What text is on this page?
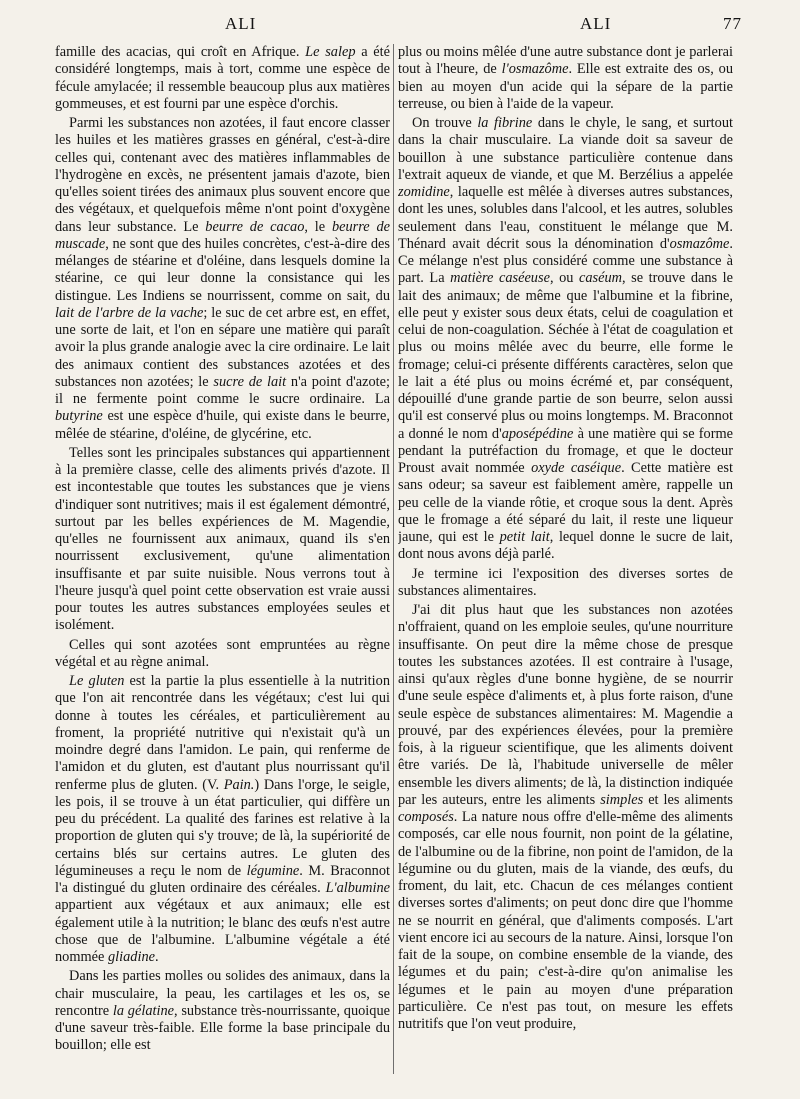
ALI	ALI	77

famille des acacias, qui croît en Afrique. Le salep a été considéré longtemps, mais à tort, comme une espèce de fécule amylacée; il ressemble beaucoup plus aux matières gommeuses, et est fourni par une espèce d'orchis.

Parmi les substances non azotées, il faut encore classer les huiles et les matières grasses en général, c'est-à-dire celles qui, contenant avec des matières inflammables de l'hydrogène en excès, ne présentent jamais d'azote, bien qu'elles soient tirées des animaux plus souvent encore que des végétaux, et quelquefois même n'ont point d'oxygène dans leur substance. Le beurre de cacao, le beurre de muscade, ne sont que des huiles concrètes, c'est-à-dire des mélanges de stéarine et d'oléine, dans lesquels domine la stéarine, ce qui leur donne la consistance qui les distingue. Les Indiens se nourrissent, comme on sait, du lait de l'arbre de la vache; le suc de cet arbre est, en effet, une sorte de lait, et l'on en sépare une matière qui paraît avoir la plus grande analogie avec la cire ordinaire. Le lait des animaux contient des substances azotées et des substances non azotées; le sucre de lait n'a point d'azote; il ne fermente point comme le sucre ordinaire. La butyrine est une espèce d'huile, qui existe dans le beurre, mêlée de stéarine, d'oléine, de glycérine, etc.

Telles sont les principales substances qui appartiennent à la première classe, celle des aliments privés d'azote. Il est incontestable que toutes les substances que je viens d'indiquer sont nutritives; mais il est également démontré, surtout par les belles expériences de M. Magendie, qu'elles ne fournissent aux animaux, quand ils s'en nourrissent exclusivement, qu'une alimentation insuffisante et par suite nuisible. Nous verrons tout à l'heure jusqu'à quel point cette observation est vraie aussi pour toutes les autres substances employées seules et isolément.

Celles qui sont azotées sont empruntées au règne végétal et au règne animal.

Le gluten est la partie la plus essentielle à la nutrition que l'on ait rencontrée dans les végétaux; c'est lui qui donne à toutes les céréales, et particulièrement au froment, la propriété nutritive qui n'existait qu'à un moindre degré dans l'amidon. Le pain, qui renferme de l'amidon et du gluten, est d'autant plus nourrissant qu'il renferme plus de gluten. (V. Pain.) Dans l'orge, le seigle, les pois, il se trouve à un état particulier, qui diffère un peu du précédent. La qualité des farines est relative à la proportion de gluten qui s'y trouve; de là, la supériorité de certains blés sur certains autres. Le gluten des légumineuses a reçu le nom de légumine. M. Braconnot l'a distingué du gluten ordinaire des céréales. L'albumine appartient aux végétaux et aux animaux; elle est également utile à la nutrition; le blanc des œufs n'est autre chose que de l'albumine. L'albumine végétale a été nommée gliadine.

Dans les parties molles ou solides des animaux, dans la chair musculaire, la peau, les cartilages et les os, se rencontre la gélatine, substance très-nourrissante, quoique d'une saveur très-faible. Elle forme la base principale du bouillon; elle est

plus ou moins mêlée d'une autre substance dont je parlerai tout à l'heure, de l'osmazôme. Elle est extraite des os, ou bien au moyen d'un acide qui la sépare de la partie terreuse, ou bien à l'aide de la vapeur.

On trouve la fibrine dans le chyle, le sang, et surtout dans la chair musculaire. La viande doit sa saveur de bouillon à une substance particulière contenue dans l'extrait aqueux de viande, et que M. Berzélius a appelée zomidine, laquelle est mêlée à diverses autres substances, dont les unes, solubles dans l'alcool, et les autres, solubles seulement dans l'eau, constituent le mélange que M. Thénard avait décrit sous la dénomination d'osmazôme. Ce mélange n'est plus considéré comme une substance à part. La matière caséeuse, ou caséum, se trouve dans le lait des animaux; de même que l'albumine et la fibrine, elle peut y exister sous deux états, celui de coagulation et celui de non-coagulation. Séchée à l'état de coagulation et plus ou moins mêlée avec du beurre, elle forme le fromage; celui-ci présente différents caractères, selon que le lait a été plus ou moins écrémé et, par conséquent, dépouillé d'une grande partie de son beurre, selon aussi qu'il est conservé plus ou moins longtemps. M. Braconnot a donné le nom d'aposépédine à une matière qui se forme pendant la putréfaction du fromage, et que le docteur Proust avait nommée oxyde caséique. Cette matière est sans odeur; sa saveur est faiblement amère, rappelle un peu celle de la viande rôtie, et croque sous la dent. Après que le fromage a été séparé du lait, il reste une liqueur jaune, qui est le petit lait, lequel donne le sucre de lait, dont nous avons déjà parlé.

Je termine ici l'exposition des diverses sortes de substances alimentaires.

J'ai dit plus haut que les substances non azotées n'offraient, quand on les emploie seules, qu'une nourriture insuffisante. On peut dire la même chose de presque toutes les substances azotées. Il est contraire à l'usage, ainsi qu'aux règles d'une bonne hygiène, de se nourrir d'une seule espèce d'aliments et, à plus forte raison, d'une seule espèce de substances alimentaires: M. Magendie a prouvé, par des expériences élevées, pour la première fois, à la rigueur scientifique, que les aliments doivent être variés. De là, l'habitude universelle de mêler ensemble les divers aliments; de là, la distinction indiquée par les auteurs, entre les aliments simples et les aliments composés. La nature nous offre d'elle-même des aliments composés, car elle nous fournit, non point de la gélatine, de l'albumine ou de la fibrine, non point de l'amidon, de la légumine ou du gluten, mais de la viande, des œufs, du froment, du lait, etc. Chacun de ces mélanges contient diverses sortes d'aliments; on peut donc dire que l'homme ne se nourrit en général, que d'aliments composés. L'art vient encore ici au secours de la nature. Ainsi, lorsque l'on fait de la soupe, on combine ensemble de la viande, des légumes et du pain; c'est-à-dire qu'on animalise les légumes et le pain au moyen d'une préparation particulière. Ce n'est pas tout, on mesure les effets nutritifs que l'on veut produire,
